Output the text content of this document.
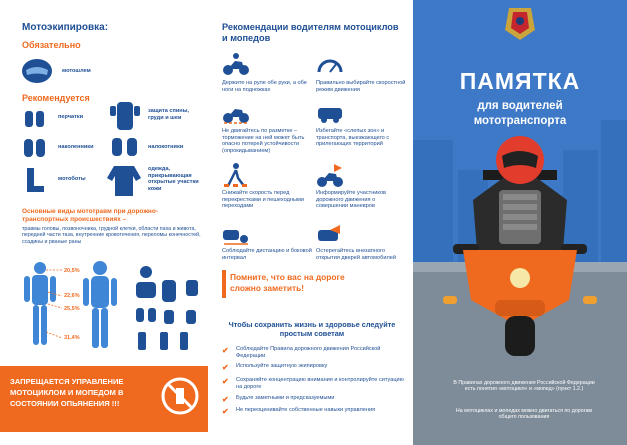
Мотоэкипировка:
Обязательно
мотошлем
Рекомендуется
перчатки
наколенники
мотоботы
защита спины, груди и шеи
налокотники
одежда, прикрывающая открытые участки кожи
Основные виды мототравм при дорожно-транспортных происшествиях –
травмы головы, позвоночника, грудной клетки, области паха и живота, передней части таза, внутренние кровотечения, переломы конечностей, ссадины и рваные раны
20,5%
22,6%
25,5%
31,4%
ЗАПРЕЩАЕТСЯ УПРАВЛЕНИЕ МОТОЦИКЛОМ И МОПЕДОМ В СОСТОЯНИИ ОПЬЯНЕНИЯ !!!
Рекомендации водителям мотоциклов и мопедов
Держите на руле обе руки, а обе ноги на подножках
Правильно выбирайте скоростной режим движения
Не двигайтесь по разметке – торможение на ней может быть опасно потерей устойчивости (опрокидыванием)
Избегайте «слепых зон» и транспорта, выезжающего с прилегающих территорий
Снижайте скорость перед перекрестками и пешеходными переходами
Информируйте участников дорожного движения о совершении маневров
Соблюдайте дистанцию и боковой интервал
Остерегайтесь внезапного открытия дверей автомобилей
Помните, что вас на дороге сложно заметить!
Чтобы сохранить жизнь и здоровье следуйте простым советам
✔ Соблюдайте Правила дорожного движения Российской Федерации
✔ Используйте защитную экипировку
✔ Сохраняйте концентрацию внимания и контролируйте ситуацию на дороге
✔ Будьте заметными и предсказуемыми
✔ Не переоценивайте собственные навыки управления
ПАМЯТКА
для водителей
мототранспорта
В Правилах дорожного движения Российской Федерации есть понятия «мотоцикл» и «мопед» (пункт 1.2.)
На мотоциклах и мопедах можно двигаться по дорогам общего пользования
